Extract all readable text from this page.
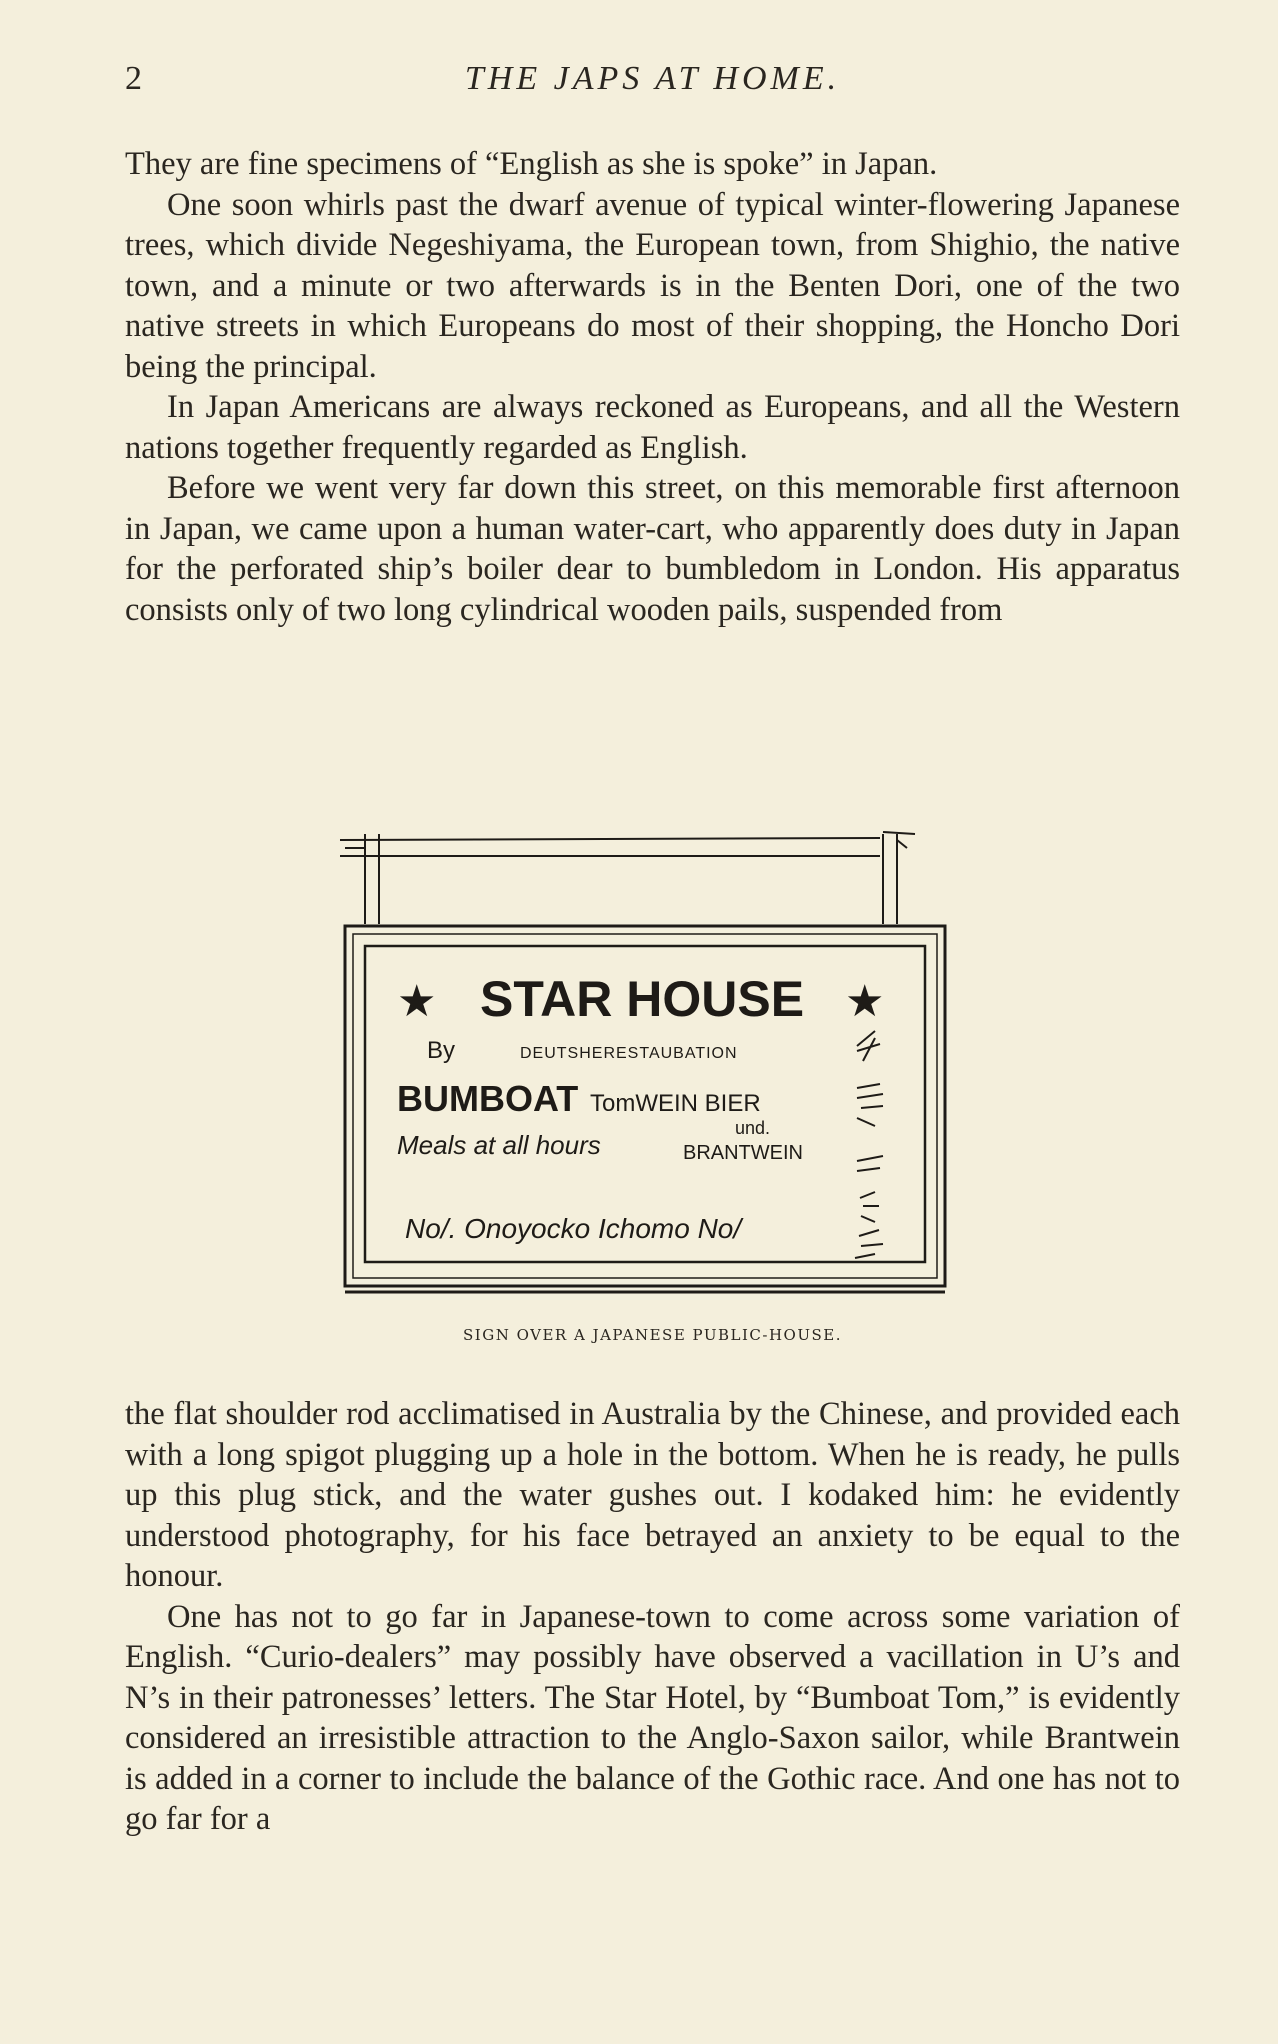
2	THE JAPS AT HOME.

They are fine specimens of “English as she is spoke” in Japan.

One soon whirls past the dwarf avenue of typical winter-flowering Japanese trees, which divide Negeshiyama, the European town, from Shighio, the native town, and a minute or two afterwards is in the Benten Dori, one of the two native streets in which Europeans do most of their shopping, the Honcho Dori being the principal.

In Japan Americans are always reckoned as Europeans, and all the Western nations together frequently regarded as English.

Before we went very far down this street, on this memorable first afternoon in Japan, we came upon a human water-cart, who apparently does duty in Japan for the perforated ship’s boiler dear to bumbledom in London. His apparatus consists only of two long cylindrical wooden pails, suspended from

★ STAR HOUSE ★
By	DEUTSHERESTAUBATION
BUMBOAT TomWEIN BIER
und.
Meals at all hours	BRANTWEIN
No/. Onoyocko Ichomo No/
SIGN OVER A JAPANESE PUBLIC-HOUSE.

the flat shoulder rod acclimatised in Australia by the Chinese, and provided each with a long spigot plugging up a hole in the bottom. When he is ready, he pulls up this plug stick, and the water gushes out. I kodaked him: he evidently understood photography, for his face betrayed an anxiety to be equal to the honour.

One has not to go far in Japanese-town to come across some variation of English. “Curio-dealers” may possibly have observed a vacillation in U’s and N’s in their patronesses’ letters. The Star Hotel, by “Bumboat Tom,” is evidently considered an irresistible attraction to the Anglo-Saxon sailor, while Brantwein is added in a corner to include the balance of the Gothic race. And one has not to go far for a
